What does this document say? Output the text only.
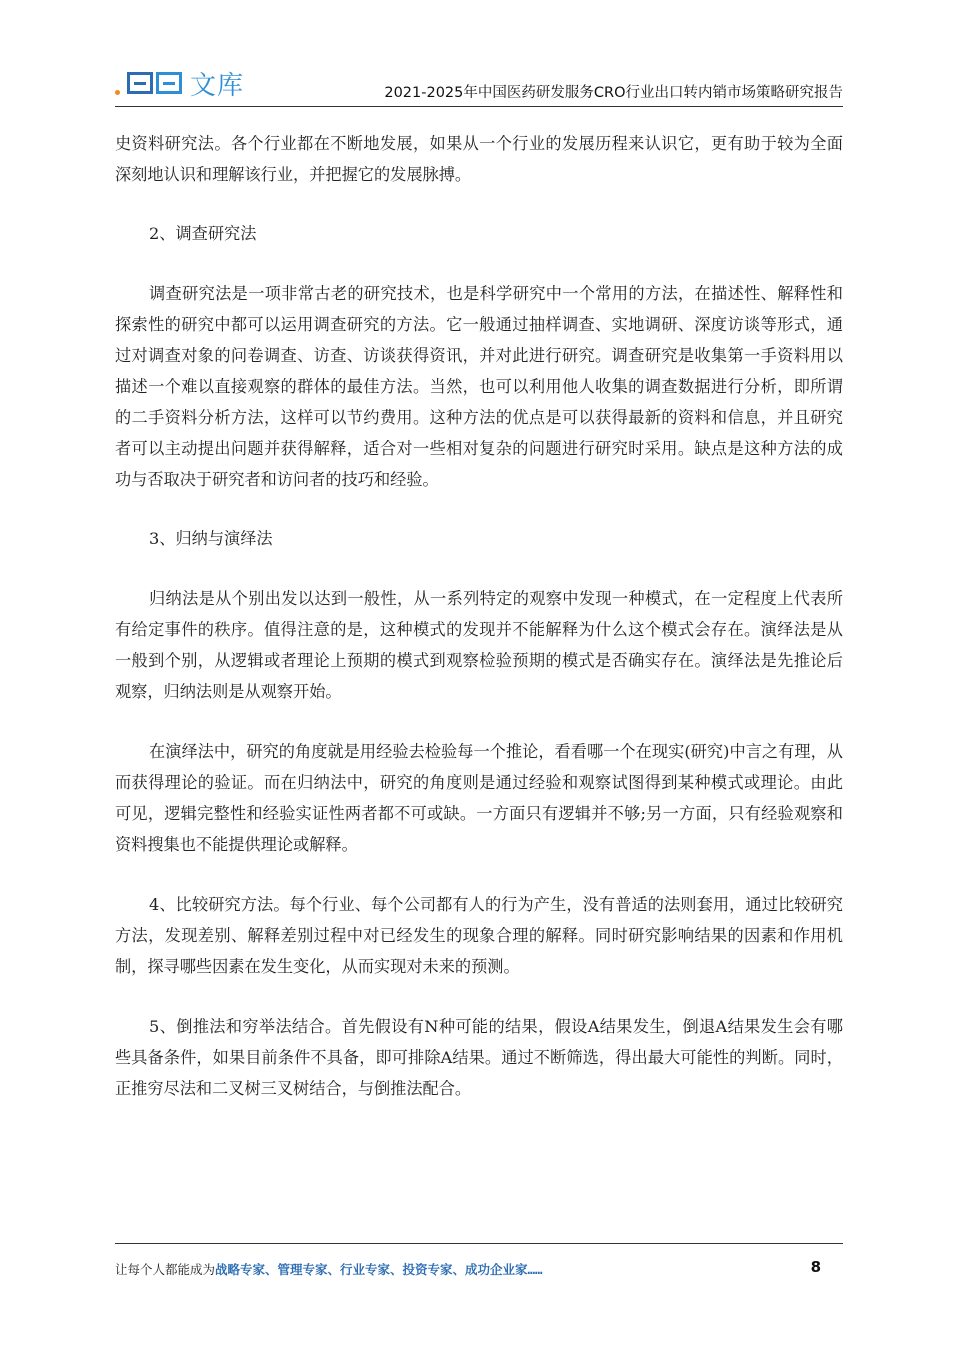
文库	2021-2025年中国医药研发服务CRO行业出口转内销市场策略研究报告

史资料研究法。各个行业都在不断地发展，如果从一个行业的发展历程来认识它，更有助于较为全面深刻地认识和理解该行业，并把握它的发展脉搏。

2、调查研究法

调查研究法是一项非常古老的研究技术，也是科学研究中一个常用的方法，在描述性、解释性和探索性的研究中都可以运用调查研究的方法。它一般通过抽样调查、实地调研、深度访谈等形式，通过对调查对象的问卷调查、访查、访谈获得资讯，并对此进行研究。调查研究是收集第一手资料用以描述一个难以直接观察的群体的最佳方法。当然，也可以利用他人收集的调查数据进行分析，即所谓的二手资料分析方法，这样可以节约费用。这种方法的优点是可以获得最新的资料和信息，并且研究者可以主动提出问题并获得解释，适合对一些相对复杂的问题进行研究时采用。缺点是这种方法的成功与否取决于研究者和访问者的技巧和经验。

3、归纳与演绎法

归纳法是从个别出发以达到一般性，从一系列特定的观察中发现一种模式，在一定程度上代表所有给定事件的秩序。值得注意的是，这种模式的发现并不能解释为什么这个模式会存在。演绎法是从一般到个别，从逻辑或者理论上预期的模式到观察检验预期的模式是否确实存在。演绎法是先推论后观察，归纳法则是从观察开始。

在演绎法中，研究的角度就是用经验去检验每一个推论，看看哪一个在现实(研究)中言之有理，从而获得理论的验证。而在归纳法中，研究的角度则是通过经验和观察试图得到某种模式或理论。由此可见，逻辑完整性和经验实证性两者都不可或缺。一方面只有逻辑并不够;另一方面，只有经验观察和资料搜集也不能提供理论或解释。

4、比较研究方法。每个行业、每个公司都有人的行为产生，没有普适的法则套用，通过比较研究方法，发现差别、解释差别过程中对已经发生的现象合理的解释。同时研究影响结果的因素和作用机制，探寻哪些因素在发生变化，从而实现对未来的预测。

5、倒推法和穷举法结合。首先假设有N种可能的结果，假设A结果发生，倒退A结果发生会有哪些具备条件，如果目前条件不具备，即可排除A结果。通过不断筛选，得出最大可能性的判断。同时，正推穷尽法和二叉树三叉树结合，与倒推法配合。

让每个人都能成为战略专家、管理专家、行业专家、投资专家、成功企业家……	8
